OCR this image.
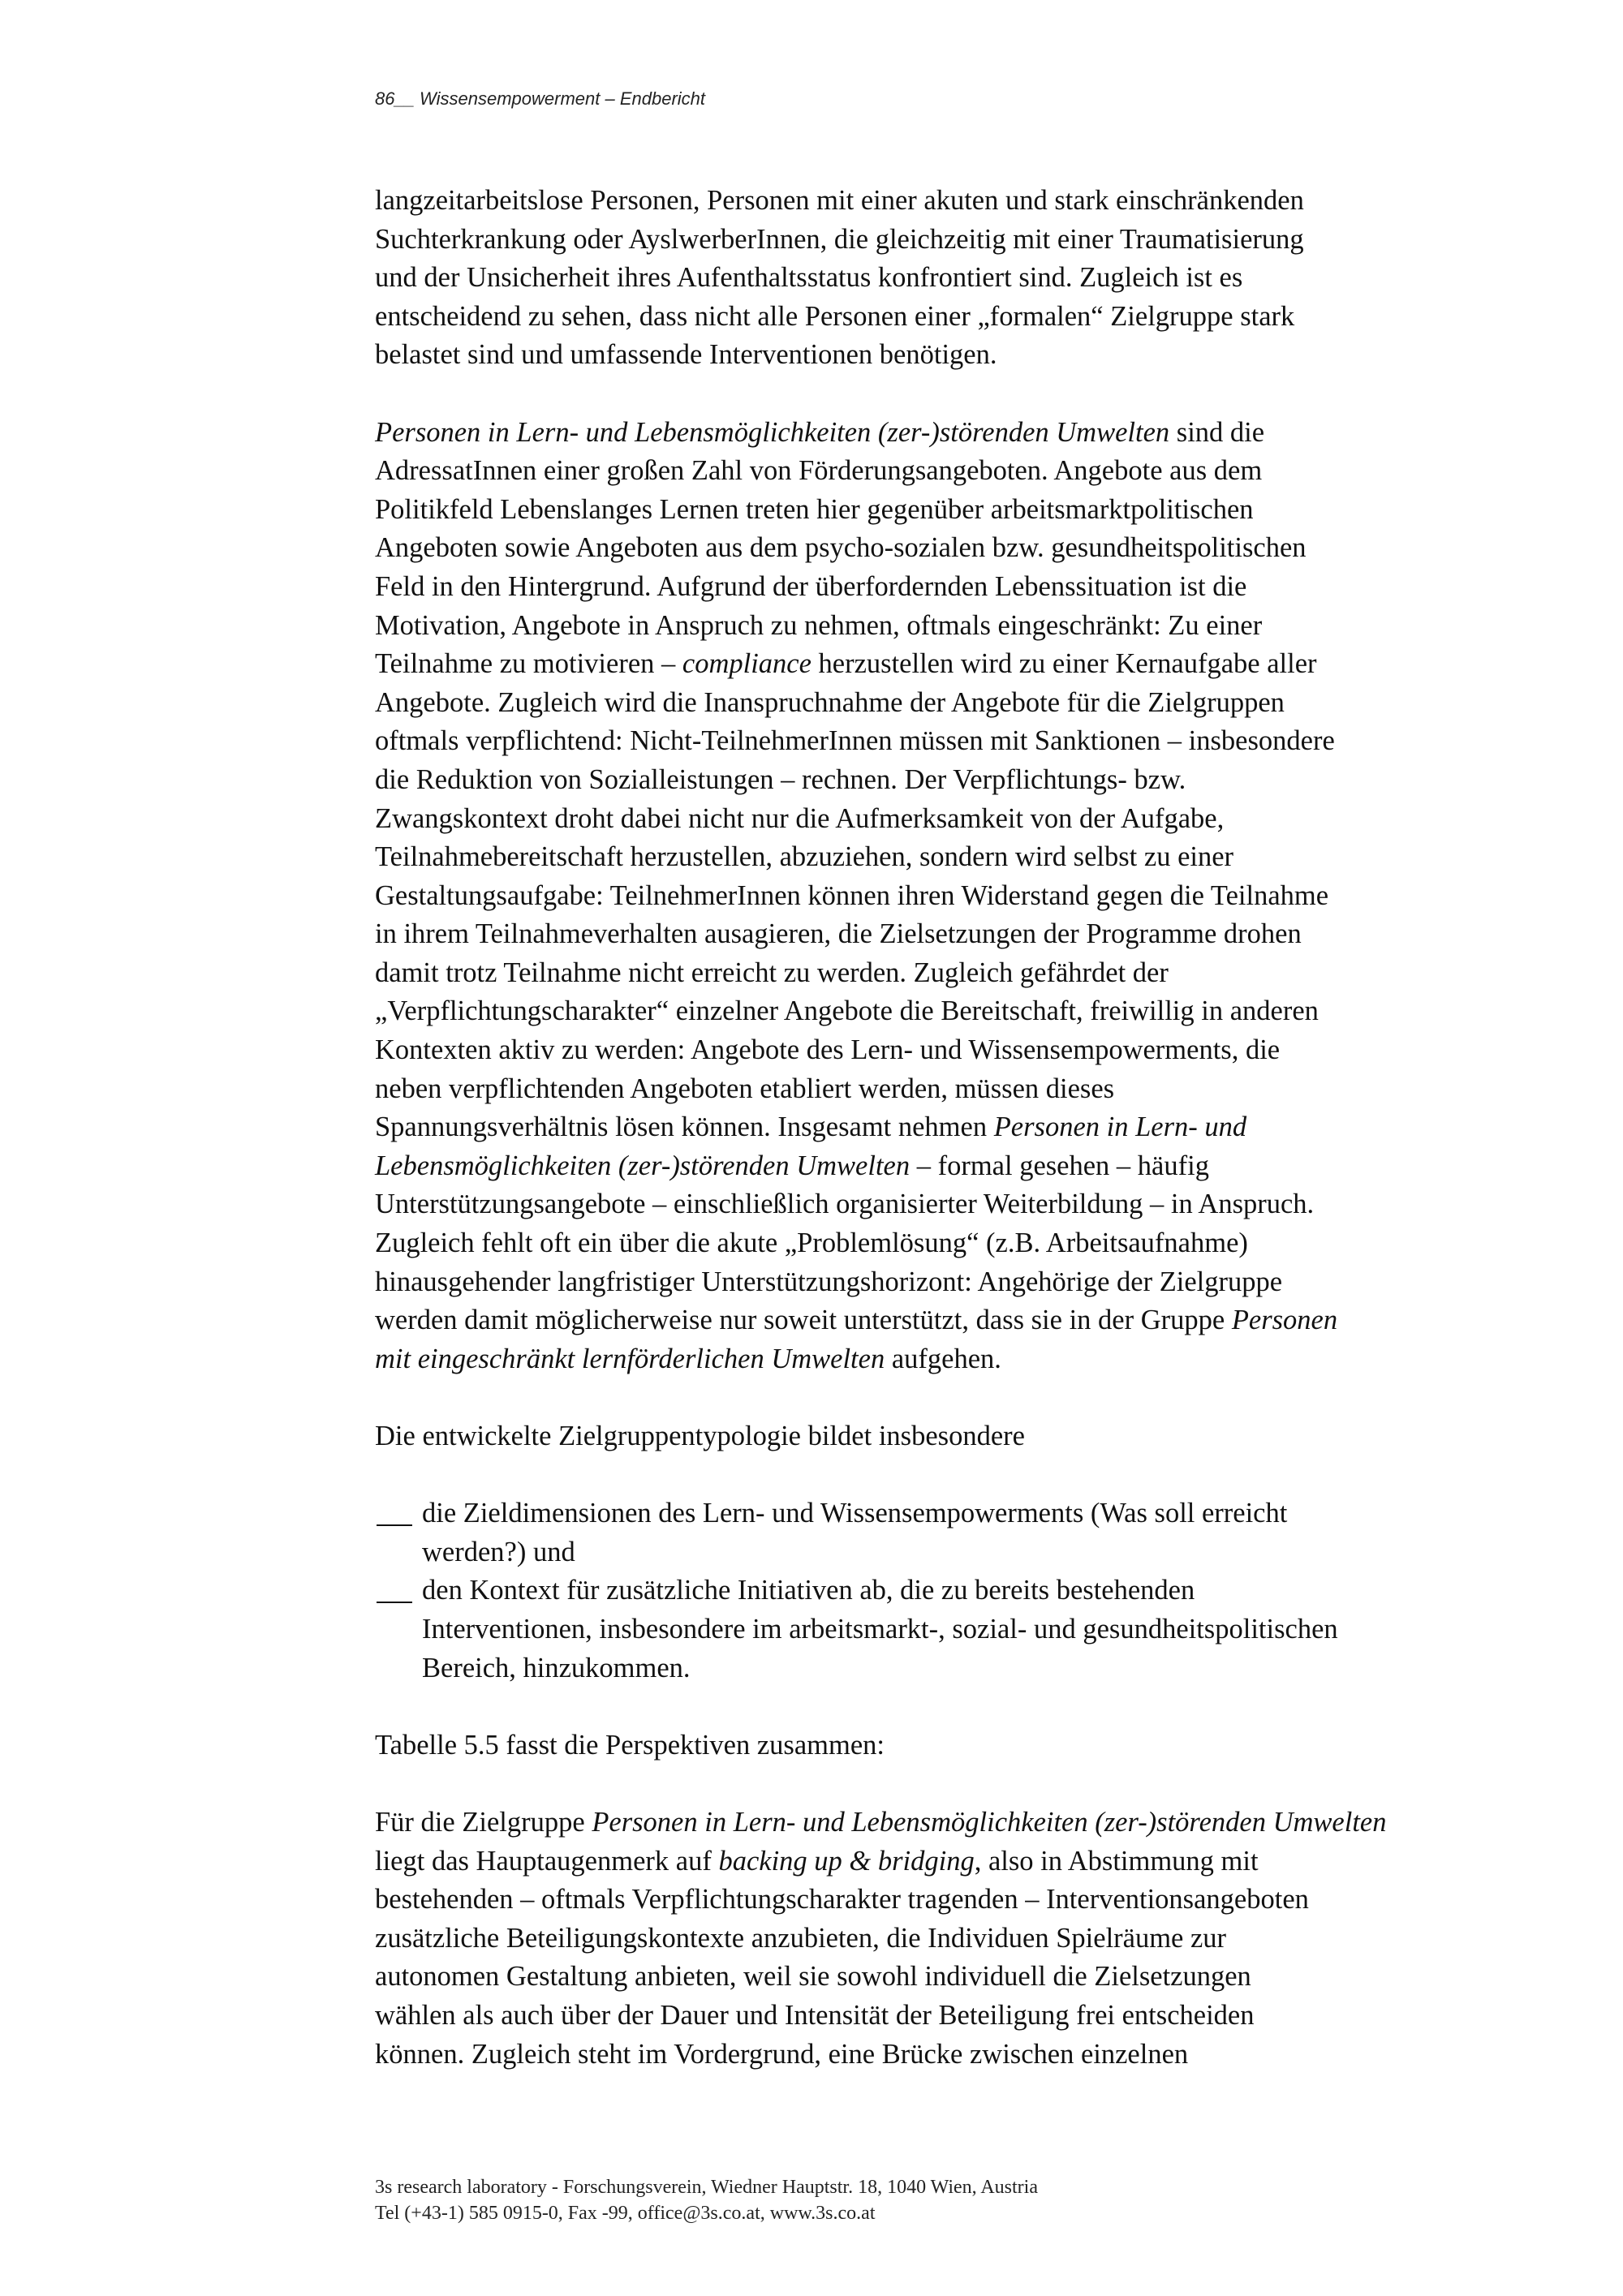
86__ Wissensempowerment – Endbericht

langzeitarbeitslose Personen, Personen mit einer akuten und stark einschränkenden
Suchterkrankung oder AyslwerberInnen, die gleichzeitig mit einer Traumatisierung
und der Unsicherheit ihres Aufenthaltsstatus konfrontiert sind. Zugleich ist es
entscheidend zu sehen, dass nicht alle Personen einer „formalen“ Zielgruppe stark
belastet sind und umfassende Interventionen benötigen.

Personen in Lern- und Lebensmöglichkeiten (zer-)störenden Umwelten sind die
AdressatInnen einer großen Zahl von Förderungsangeboten. Angebote aus dem
Politikfeld Lebenslanges Lernen treten hier gegenüber arbeitsmarktpolitischen
Angeboten sowie Angeboten aus dem psycho-sozialen bzw. gesundheitspolitischen
Feld in den Hintergrund. Aufgrund der überfordernden Lebenssituation ist die
Motivation, Angebote in Anspruch zu nehmen, oftmals eingeschränkt: Zu einer
Teilnahme zu motivieren – compliance herzustellen wird zu einer Kernaufgabe aller
Angebote. Zugleich wird die Inanspruchnahme der Angebote für die Zielgruppen
oftmals verpflichtend: Nicht-TeilnehmerInnen müssen mit Sanktionen – insbesondere
die Reduktion von Sozialleistungen – rechnen. Der Verpflichtungs- bzw.
Zwangskontext droht dabei nicht nur die Aufmerksamkeit von der Aufgabe,
Teilnahmebereitschaft herzustellen, abzuziehen, sondern wird selbst zu einer
Gestaltungsaufgabe: TeilnehmerInnen können ihren Widerstand gegen die Teilnahme
in ihrem Teilnahmeverhalten ausagieren, die Zielsetzungen der Programme drohen
damit trotz Teilnahme nicht erreicht zu werden. Zugleich gefährdet der
„Verpflichtungscharakter“ einzelner Angebote die Bereitschaft, freiwillig in anderen
Kontexten aktiv zu werden: Angebote des Lern- und Wissensempowerments, die
neben verpflichtenden Angeboten etabliert werden, müssen dieses
Spannungsverhältnis lösen können. Insgesamt nehmen Personen in Lern- und
Lebensmöglichkeiten (zer-)störenden Umwelten – formal gesehen – häufig
Unterstützungsangebote – einschließlich organisierter Weiterbildung – in Anspruch.
Zugleich fehlt oft ein über die akute „Problemlösung“ (z.B. Arbeitsaufnahme)
hinausgehender langfristiger Unterstützungshorizont: Angehörige der Zielgruppe
werden damit möglicherweise nur soweit unterstützt, dass sie in der Gruppe Personen
mit eingeschränkt lernförderlichen Umwelten aufgehen.

Die entwickelte Zielgruppentypologie bildet insbesondere

die Zieldimensionen des Lern- und Wissensempowerments (Was soll erreicht
werden?) und
den Kontext für zusätzliche Initiativen ab, die zu bereits bestehenden
Interventionen, insbesondere im arbeitsmarkt-, sozial- und gesundheitspolitischen
Bereich, hinzukommen.

Tabelle 5.5 fasst die Perspektiven zusammen:

Für die Zielgruppe Personen in Lern- und Lebensmöglichkeiten (zer-)störenden Umwelten
liegt das Hauptaugenmerk auf backing up & bridging, also in Abstimmung mit
bestehenden – oftmals Verpflichtungscharakter tragenden – Interventionsangeboten
zusätzliche Beteiligungskontexte anzubieten, die Individuen Spielräume zur
autonomen Gestaltung anbieten, weil sie sowohl individuell die Zielsetzungen
wählen als auch über der Dauer und Intensität der Beteiligung frei entscheiden
können. Zugleich steht im Vordergrund, eine Brücke zwischen einzelnen

3s research laboratory - Forschungsverein, Wiedner Hauptstr. 18, 1040 Wien, Austria
Tel (+43-1) 585 0915-0, Fax -99, office@3s.co.at, www.3s.co.at
